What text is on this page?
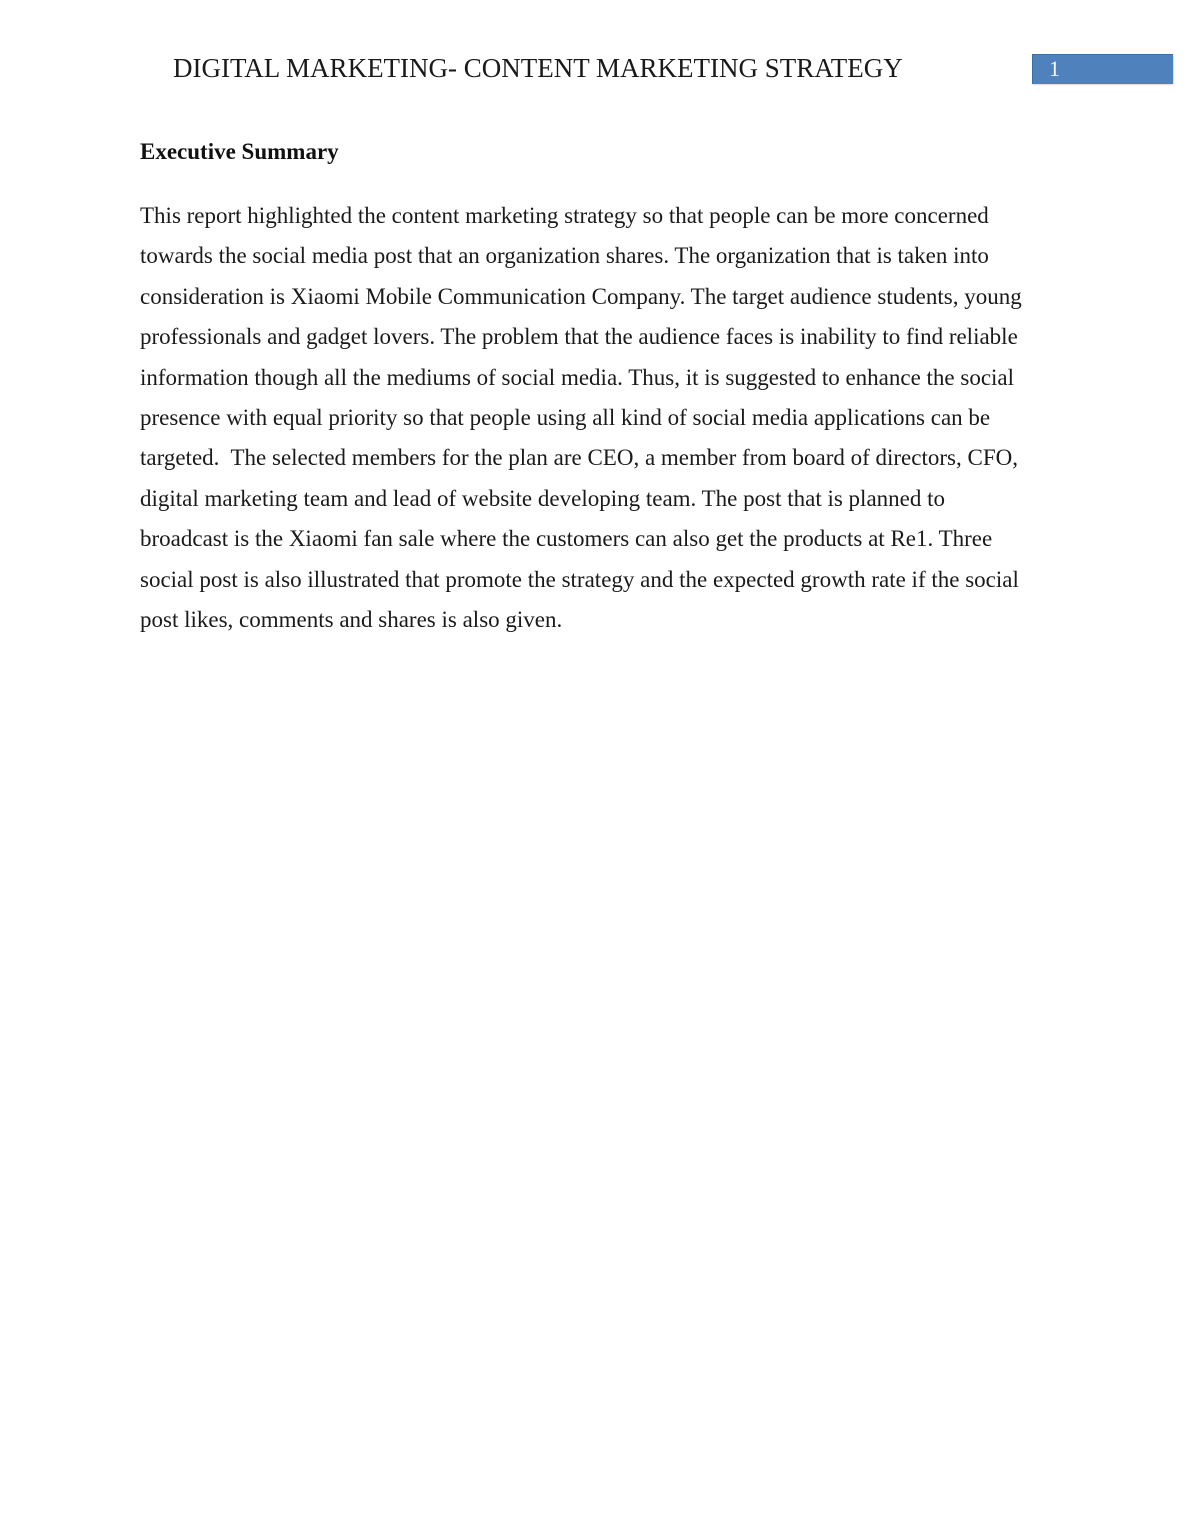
DIGITAL MARKETING- CONTENT MARKETING STRATEGY	1
Executive Summary
This report highlighted the content marketing strategy so that people can be more concerned
towards the social media post that an organization shares. The organization that is taken into
consideration is Xiaomi Mobile Communication Company. The target audience students, young
professionals and gadget lovers. The problem that the audience faces is inability to find reliable
information though all the mediums of social media. Thus, it is suggested to enhance the social
presence with equal priority so that people using all kind of social media applications can be
targeted.  The selected members for the plan are CEO, a member from board of directors, CFO,
digital marketing team and lead of website developing team. The post that is planned to
broadcast is the Xiaomi fan sale where the customers can also get the products at Re1. Three
social post is also illustrated that promote the strategy and the expected growth rate if the social
post likes, comments and shares is also given.
